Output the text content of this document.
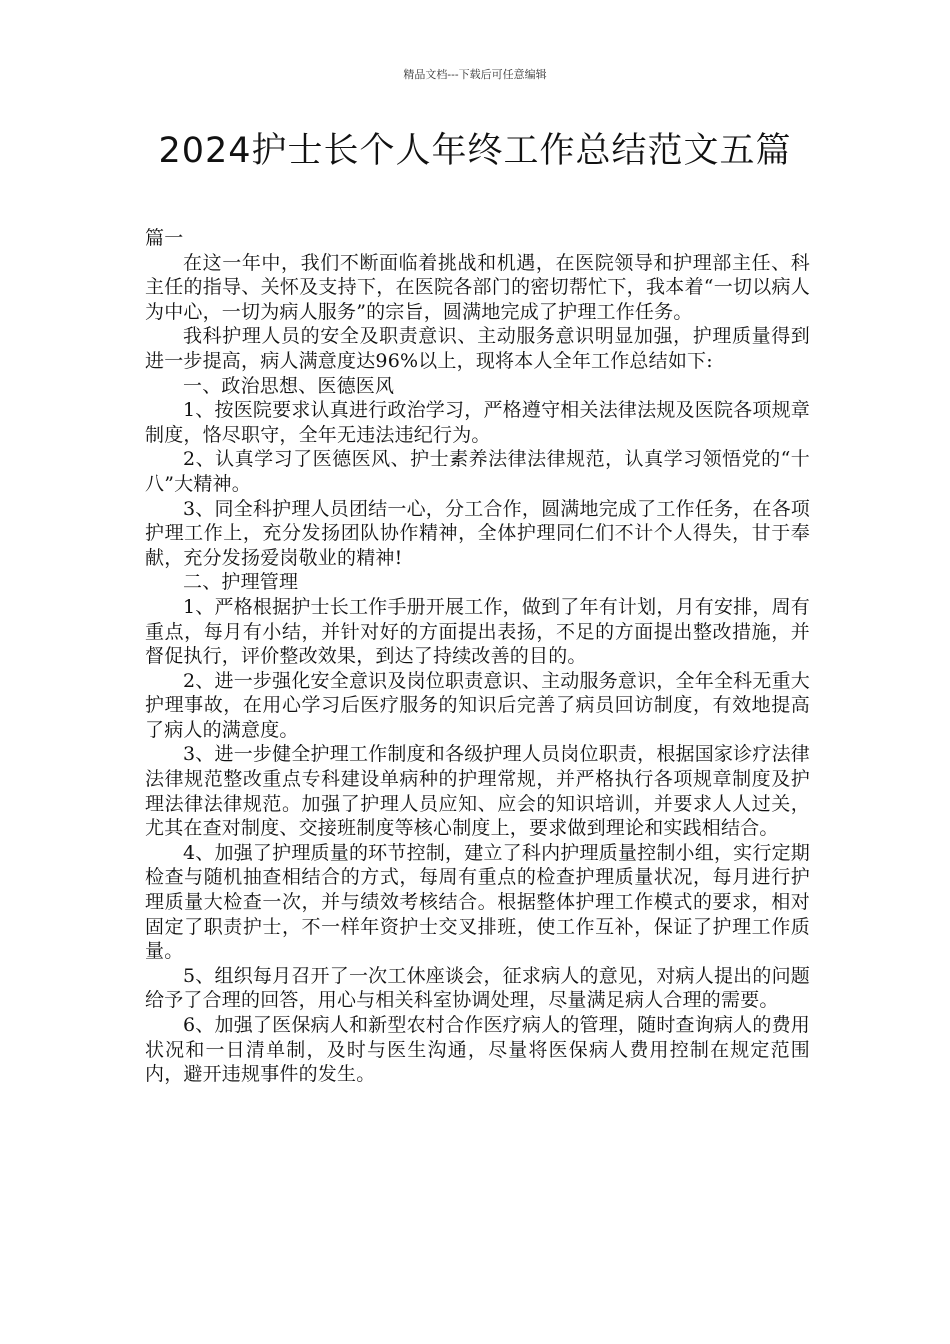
精品文档---下载后可任意编辑
2024护士长个人年终工作总结范文五篇

篇一

在这一年中，我们不断面临着挑战和机遇，在医院领导和护理部主任、科主任的指导、关怀及支持下，在医院各部门的密切帮忙下，我本着“一切以病人为中心，一切为病人服务”的宗旨，圆满地完成了护理工作任务。

我科护理人员的安全及职责意识、主动服务意识明显加强，护理质量得到进一步提高，病人满意度达96%以上，现将本人全年工作总结如下:

一、政治思想、医德医风

1、按医院要求认真进行政治学习，严格遵守相关法律法规及医院各项规章制度，恪尽职守，全年无违法违纪行为。

2、认真学习了医德医风、护士素养法律法律规范，认真学习领悟党的“十八”大精神。

3、同全科护理人员团结一心，分工合作，圆满地完成了工作任务，在各项护理工作上，充分发扬团队协作精神，全体护理同仁们不计个人得失，甘于奉献，充分发扬爱岗敬业的精神!

二、护理管理

1、严格根据护士长工作手册开展工作，做到了年有计划，月有安排，周有重点，每月有小结，并针对好的方面提出表扬，不足的方面提出整改措施，并督促执行，评价整改效果，到达了持续改善的目的。

2、进一步强化安全意识及岗位职责意识、主动服务意识，全年全科无重大护理事故，在用心学习后医疗服务的知识后完善了病员回访制度，有效地提高了病人的满意度。

3、进一步健全护理工作制度和各级护理人员岗位职责，根据国家诊疗法律法律规范整改重点专科建设单病种的护理常规，并严格执行各项规章制度及护理法律法律规范。加强了护理人员应知、应会的知识培训，并要求人人过关，尤其在查对制度、交接班制度等核心制度上，要求做到理论和实践相结合。

4、加强了护理质量的环节控制，建立了科内护理质量控制小组，实行定期检查与随机抽查相结合的方式，每周有重点的检查护理质量状况，每月进行护理质量大检查一次，并与绩效考核结合。根据整体护理工作模式的要求，相对固定了职责护士，不一样年资护士交叉排班，使工作互补，保证了护理工作质量。

5、组织每月召开了一次工休座谈会，征求病人的意见，对病人提出的问题给予了合理的回答，用心与相关科室协调处理，尽量满足病人合理的需要。

6、加强了医保病人和新型农村合作医疗病人的管理，随时查询病人的费用状况和一日清单制，及时与医生沟通，尽量将医保病人费用控制在规定范围内，避开违规事件的发生。
